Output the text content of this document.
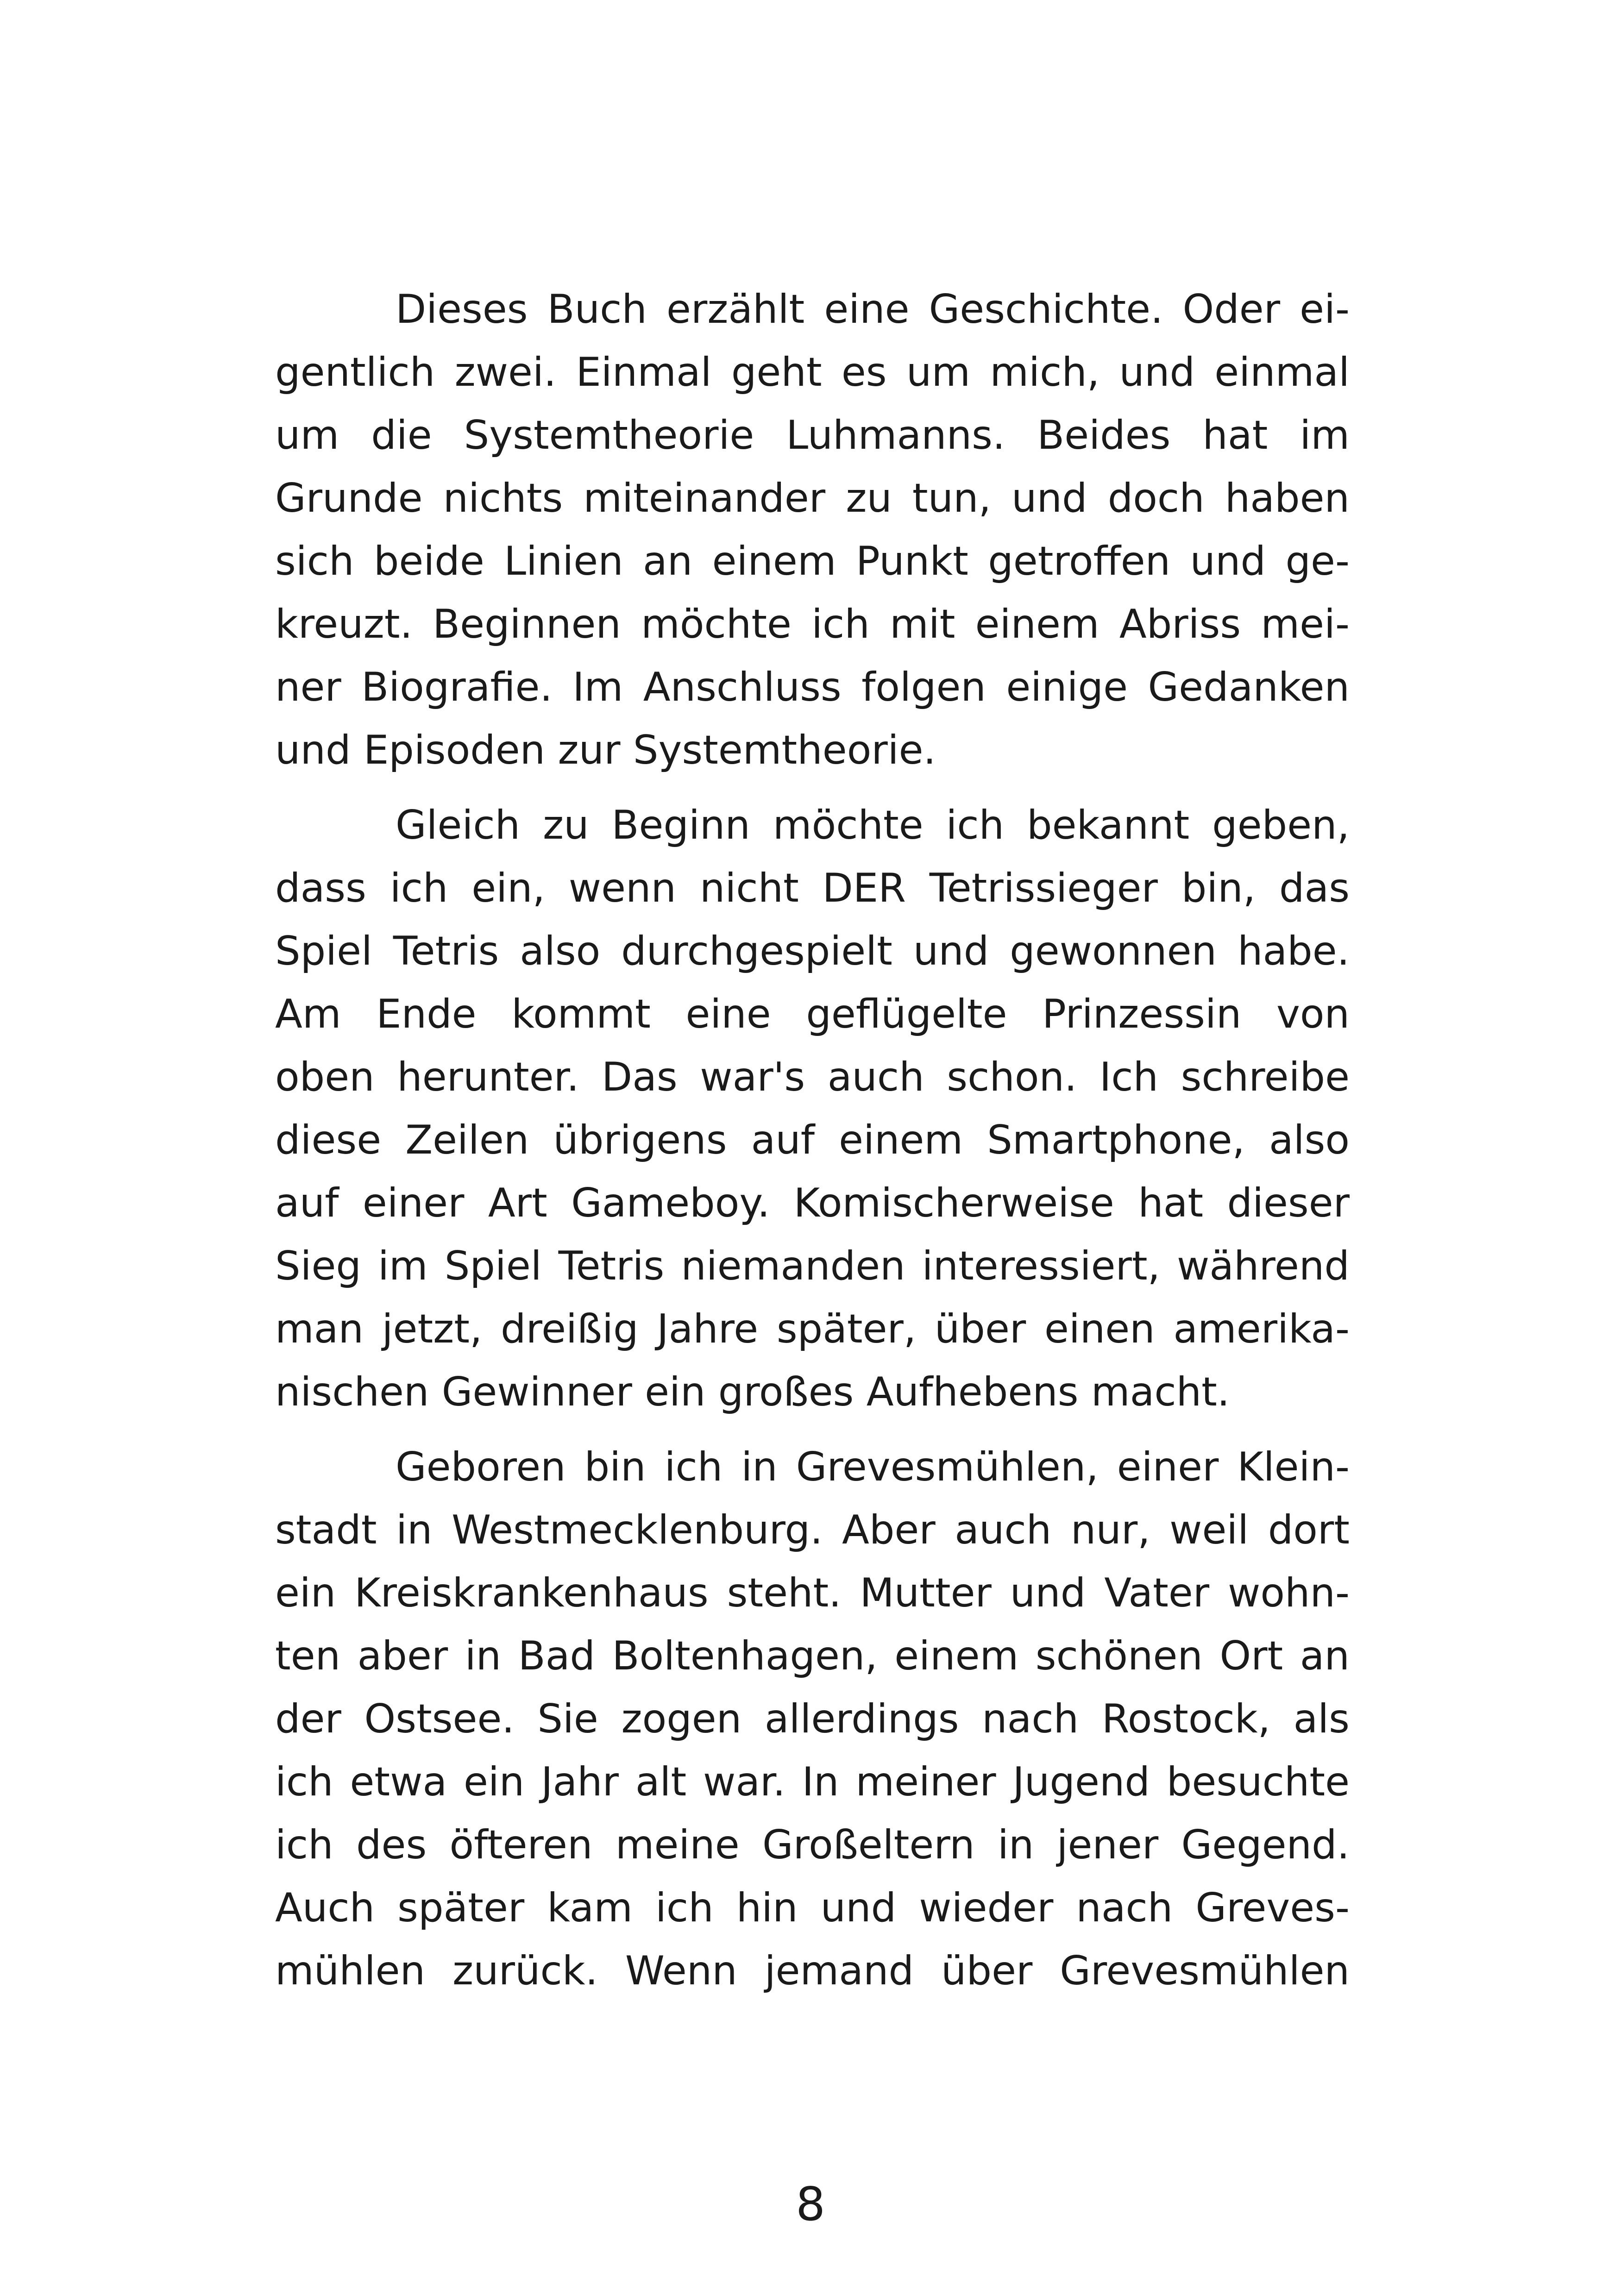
Dieses Buch erzählt eine Geschichte. Oder ei-
gentlich zwei. Einmal geht es um mich, und einmal
um die Systemtheorie Luhmanns. Beides hat im
Grunde nichts miteinander zu tun, und doch haben
sich beide Linien an einem Punkt getroffen und ge-
kreuzt. Beginnen möchte ich mit einem Abriss mei-
ner Biografie. Im Anschluss folgen einige Gedanken
und Episoden zur Systemtheorie.
Gleich zu Beginn möchte ich bekannt geben,
dass ich ein, wenn nicht DER Tetrissieger bin, das
Spiel Tetris also durchgespielt und gewonnen habe.
Am Ende kommt eine geflügelte Prinzessin von
oben herunter. Das war's auch schon. Ich schreibe
diese Zeilen übrigens auf einem Smartphone, also
auf einer Art Gameboy. Komischerweise hat dieser
Sieg im Spiel Tetris niemanden interessiert, während
man jetzt, dreißig Jahre später, über einen amerika-
nischen Gewinner ein großes Aufhebens macht.
Geboren bin ich in Grevesmühlen, einer Klein-
stadt in Westmecklenburg. Aber auch nur, weil dort
ein Kreiskrankenhaus steht. Mutter und Vater wohn-
ten aber in Bad Boltenhagen, einem schönen Ort an
der Ostsee. Sie zogen allerdings nach Rostock, als
ich etwa ein Jahr alt war. In meiner Jugend besuchte
ich des öfteren meine Großeltern in jener Gegend.
Auch später kam ich hin und wieder nach Greves-
mühlen zurück. Wenn jemand über Grevesmühlen
8
